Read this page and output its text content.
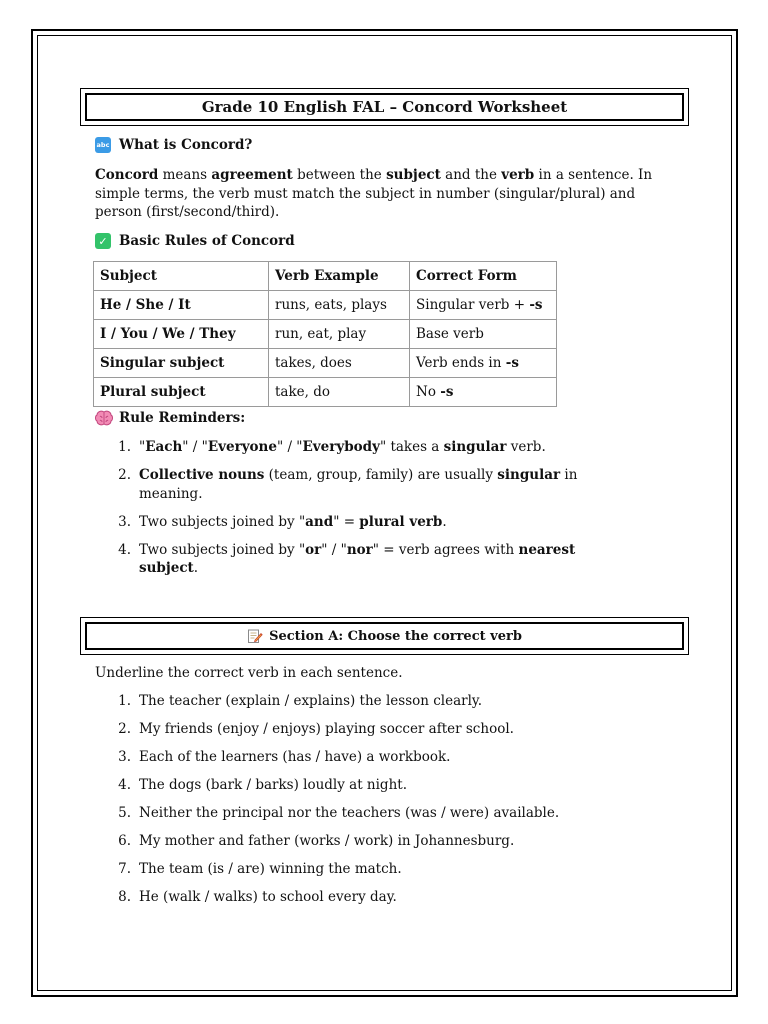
Grade 10 English FAL – Concord Worksheet
abc What is Concord?

Concord means agreement between the subject and the verb in a sentence. In simple terms, the verb must match the subject in number (singular/plural) and person (first/second/third).

✓ Basic Rules of Concord
Subject	Verb Example	Correct Form
He / She / It	runs, eats, plays	Singular verb + -s
I / You / We / They	run, eat, play	Base verb
Singular subject	takes, does	Verb ends in -s
Plural subject	take, do	No -s
Rule Reminders:
1. "Each" / "Everyone" / "Everybody" takes a singular verb.
2. Collective nouns (team, group, family) are usually singular in meaning.
3. Two subjects joined by "and" = plural verb.
4. Two subjects joined by "or" / "nor" = verb agrees with nearest subject.
Section A: Choose the correct verb

Underline the correct verb in each sentence.

1. The teacher (explain / explains) the lesson clearly.
2. My friends (enjoy / enjoys) playing soccer after school.
3. Each of the learners (has / have) a workbook.
4. The dogs (bark / barks) loudly at night.
5. Neither the principal nor the teachers (was / were) available.
6. My mother and father (works / work) in Johannesburg.
7. The team (is / are) winning the match.
8. He (walk / walks) to school every day.
